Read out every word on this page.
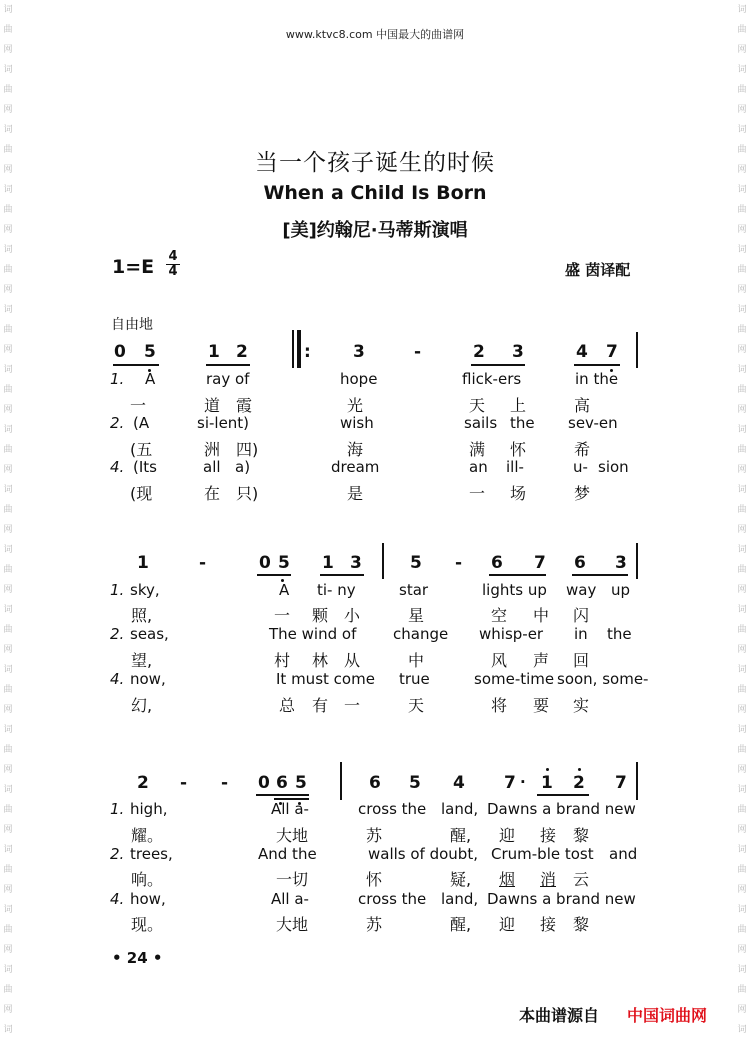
www.ktvc8.com 中国最大的曲谱网
词
曲
网
词
曲
网
词
曲
网
词
曲
网
词
曲
网
词
曲
网
词
曲
网
词
曲
网
词
曲
网
词
曲
网
词
曲
网
词
曲
网
词
曲
网
词
曲
网
词
曲
网
词
曲
网
词
曲
网
词
词
曲
网
词
曲
网
词
曲
网
词
曲
网
词
曲
网
词
曲
网
词
曲
网
词
曲
网
词
曲
网
词
曲
网
词
曲
网
词
曲
网
词
曲
网
词
曲
网
词
曲
网
词
曲
网
词
曲
网
词
当一个孩子诞生的时候
When a Child Is Born
[美]约翰尼·马蒂斯演唱
1=E 4
4	盛 茵译配
自由地
0 5	1 2	: 3	-	2 3	4 7
1. A	ray of	hope	flick-ers	in the
一	道 霞	光	天 上	高
2. (A	si-lent)	wish	sails the sev-en
(五	洲 四)	海	满 怀	希
4. (Its	all a)	dream	an ill-	u- sion
(现	在 只)	是	一 场	梦
1	-	0 5 1 3	5 - 6 7 6 3
1. sky,	A ti- ny	star	lights up way up
照,	一 颗 小	星	空 中 闪
2. seas,	The wind of change whisp-er in the
望,	村 林 从	中	风 声 回
4. now,	It must come true	some-time soon, some-
幻,	总 有 一	天	将 要 实
2 - - 0 6 5	6 5 4 7 · 1 2 7
1. high,	All a-	cross the land, Dawns a brand new
耀。	大地	苏	醒, 迎 接 黎
2. trees,	And the	walls of doubt, Crum-ble tost and
响。	一切	怀	疑, 烟 消 云
4. how,	All a-	cross the land, Dawns a brand new
现。	大地	苏	醒, 迎 接 黎
• 24 •
本曲谱源自 中国词曲网
